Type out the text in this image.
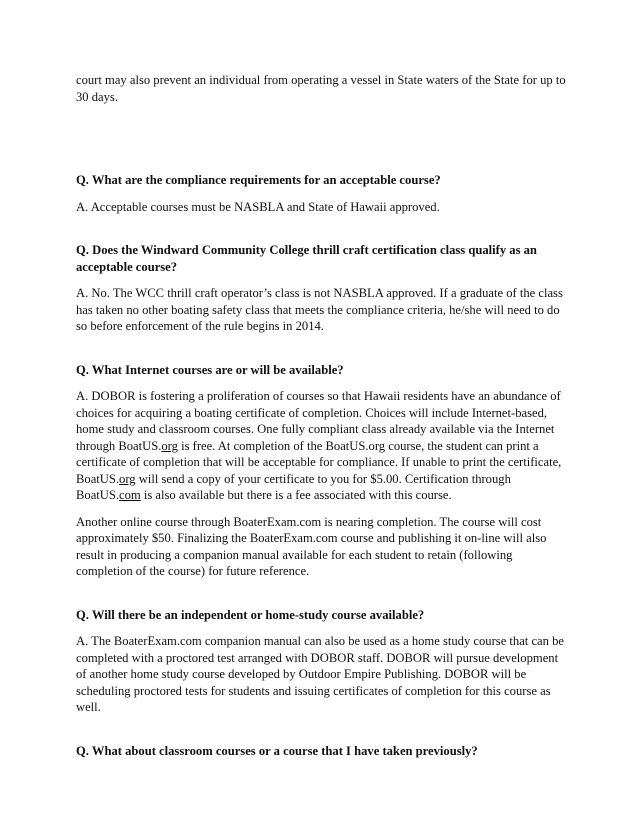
court may also prevent an individual from operating a vessel in State waters of the State for up to 30 days.

Q. What are the compliance requirements for an acceptable course?

A. Acceptable courses must be NASBLA and State of Hawaii approved.

Q. Does the Windward Community College thrill craft certification class qualify as an acceptable course?

A. No. The WCC thrill craft operator’s class is not NASBLA approved. If a graduate of the class has taken no other boating safety class that meets the compliance criteria, he/she will need to do so before enforcement of the rule begins in 2014.

Q. What Internet courses are or will be available?

A. DOBOR is fostering a proliferation of courses so that Hawaii residents have an abundance of choices for acquiring a boating certificate of completion. Choices will include Internet-based, home study and classroom courses. One fully compliant class already available via the Internet through BoatUS.org is free. At completion of the BoatUS.org course, the student can print a certificate of completion that will be acceptable for compliance. If unable to print the certificate, BoatUS.org will send a copy of your certificate to you for $5.00. Certification through BoatUS.com is also available but there is a fee associated with this course.

Another online course through BoaterExam.com is nearing completion. The course will cost approximately $50. Finalizing the BoaterExam.com course and publishing it on-line will also result in producing a companion manual available for each student to retain (following completion of the course) for future reference.

Q. Will there be an independent or home-study course available?

A. The BoaterExam.com companion manual can also be used as a home study course that can be completed with a proctored test arranged with DOBOR staff. DOBOR will pursue development of another home study course developed by Outdoor Empire Publishing. DOBOR will be scheduling proctored tests for students and issuing certificates of completion for this course as well.

Q. What about classroom courses or a course that I have taken previously?
